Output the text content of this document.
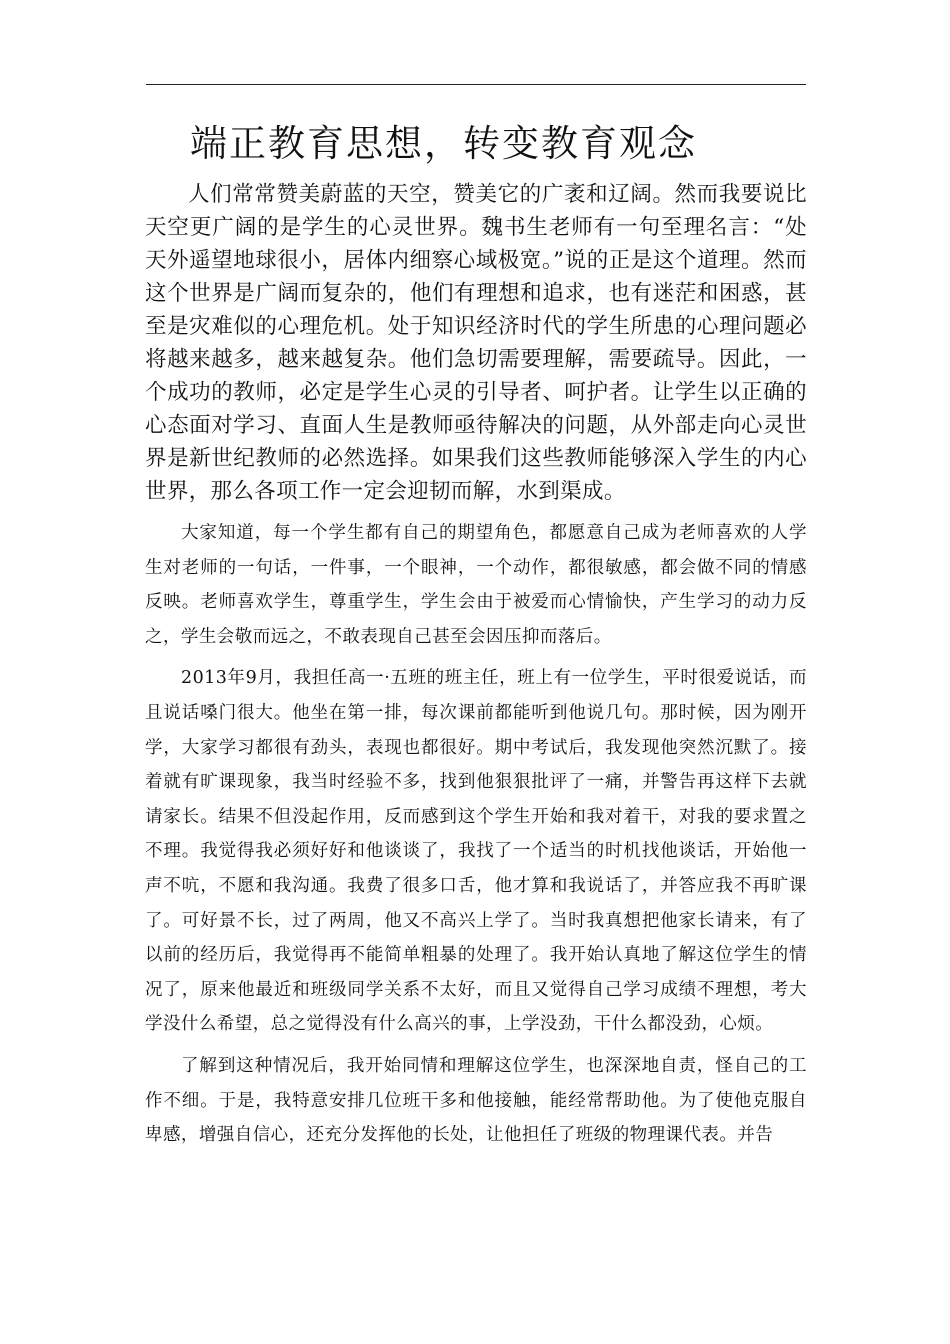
端正教育思想，转变教育观念

人们常常赞美蔚蓝的天空，赞美它的广袤和辽阔。然而我要说比天空更广阔的是学生的心灵世界。魏书生老师有一句至理名言：“处天外遥望地球很小，居体内细察心域极宽。”说的正是这个道理。然而这个世界是广阔而复杂的，他们有理想和追求，也有迷茫和困惑，甚至是灾难似的心理危机。处于知识经济时代的学生所患的心理问题必将越来越多，越来越复杂。他们急切需要理解，需要疏导。因此，一个成功的教师，必定是学生心灵的引导者、呵护者。让学生以正确的心态面对学习、直面人生是教师亟待解决的问题，从外部走向心灵世界是新世纪教师的必然选择。如果我们这些教师能够深入学生的内心世界，那么各项工作一定会迎韧而解，水到渠成。

大家知道，每一个学生都有自己的期望角色，都愿意自己成为老师喜欢的人学生对老师的一句话，一件事，一个眼神，一个动作，都很敏感，都会做不同的情感反映。老师喜欢学生，尊重学生，学生会由于被爱而心情愉快，产生学习的动力反之，学生会敬而远之，不敢表现自己甚至会因压抑而落后。

2013年9月，我担任高一·五班的班主任，班上有一位学生，平时很爱说话，而且说话嗓门很大。他坐在第一排，每次课前都能听到他说几句。那时候，因为刚开学，大家学习都很有劲头，表现也都很好。期中考试后，我发现他突然沉默了。接着就有旷课现象，我当时经验不多，找到他狠狠批评了一痛，并警告再这样下去就请家长。结果不但没起作用，反而感到这个学生开始和我对着干，对我的要求置之不理。我觉得我必须好好和他谈谈了，我找了一个适当的时机找他谈话，开始他一声不吭，不愿和我沟通。我费了很多口舌，他才算和我说话了，并答应我不再旷课了。可好景不长，过了两周，他又不高兴上学了。当时我真想把他家长请来，有了以前的经历后，我觉得再不能简单粗暴的处理了。我开始认真地了解这位学生的情况了，原来他最近和班级同学关系不太好，而且又觉得自己学习成绩不理想，考大学没什么希望，总之觉得没有什么高兴的事，上学没劲，干什么都没劲，心烦。

了解到这种情况后，我开始同情和理解这位学生，也深深地自责，怪自己的工作不细。于是，我特意安排几位班干多和他接触，能经常帮助他。为了使他克服自卑感，增强自信心，还充分发挥他的长处，让他担任了班级的物理课代表。并告
